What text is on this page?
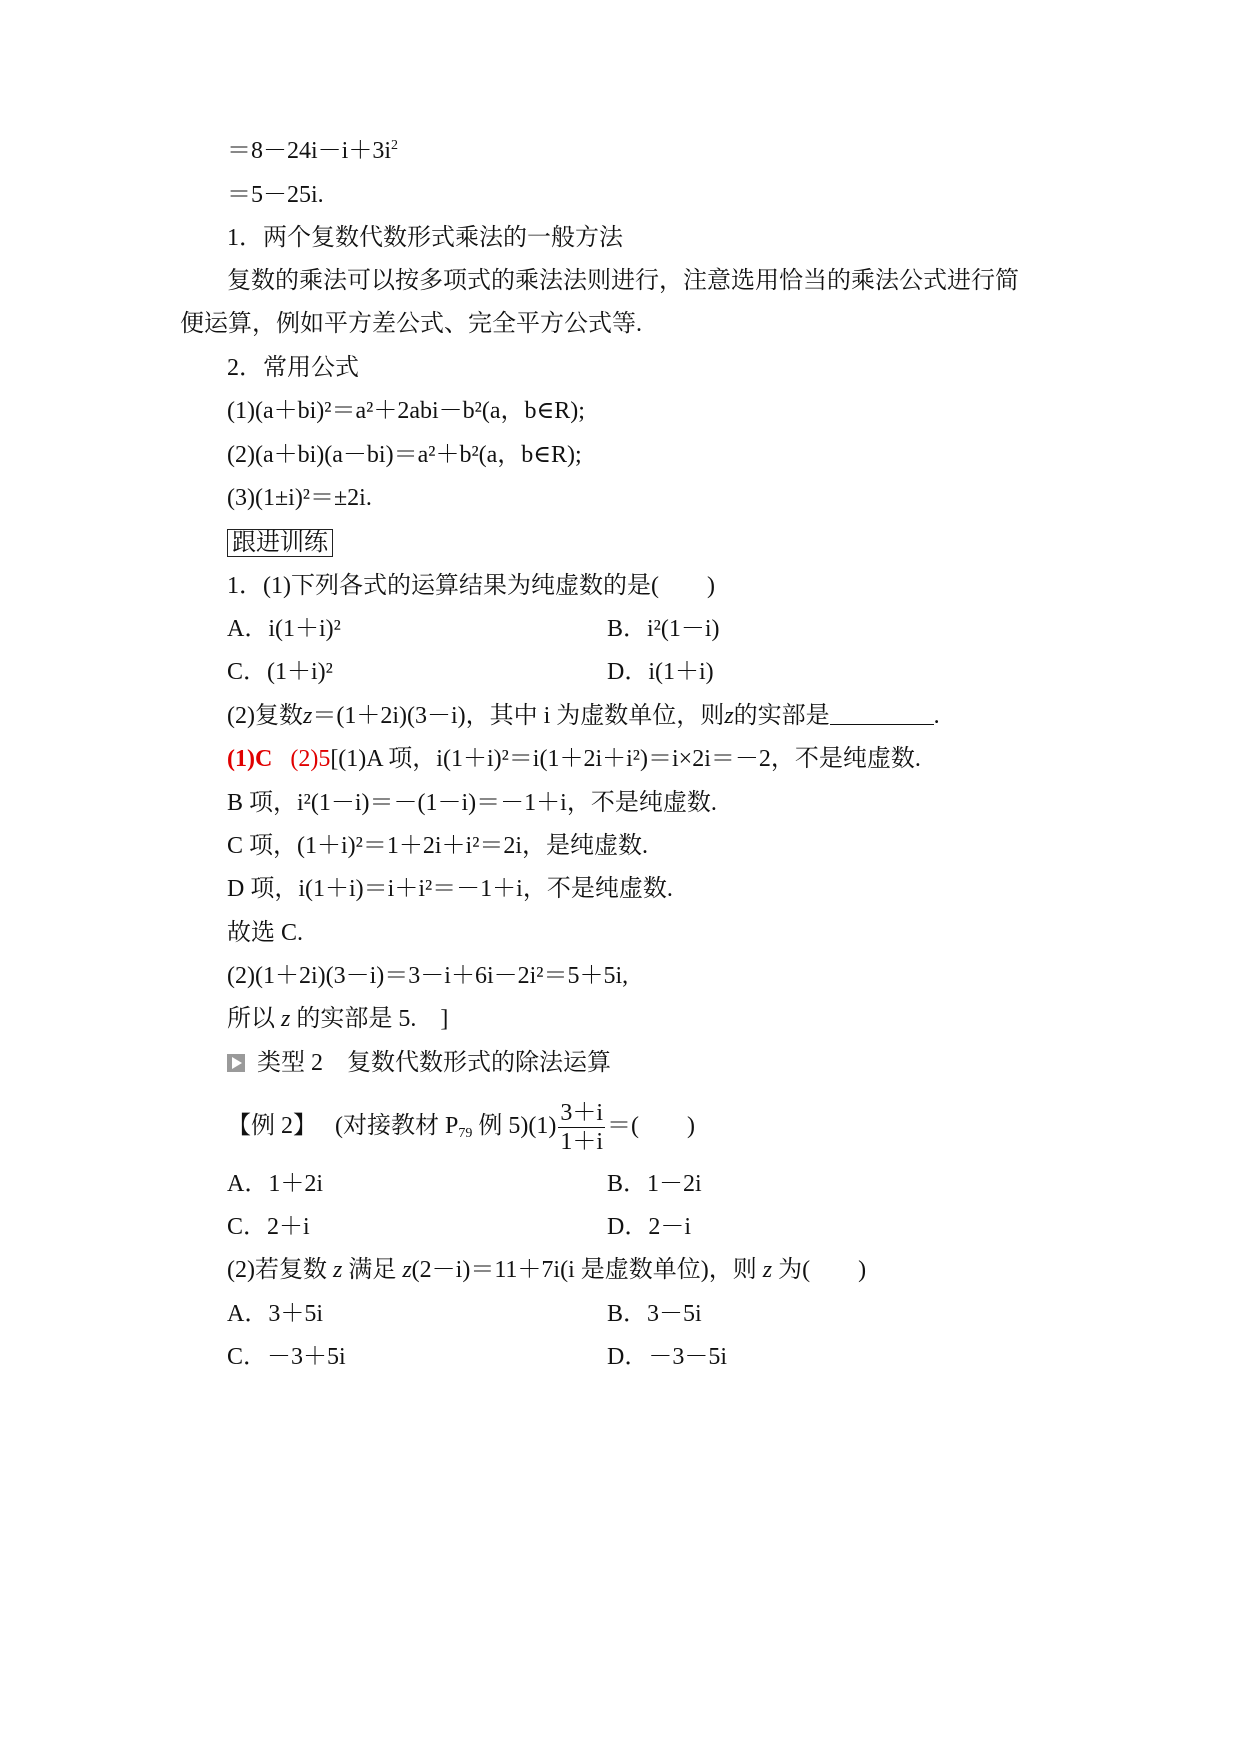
$=8-24i-i+3i^2$
＝5－25i.
1．两个复数代数形式乘法的一般方法
复数的乘法可以按多项式的乘法法则进行，注意选用恰当的乘法公式进行简
便运算，例如平方差公式、完全平方公式等.
2．常用公式
(1)(a＋bi)²＝a²＋2abi－b²(a，b∈R);
(2)(a＋bi)(a－bi)＝a²＋b²(a，b∈R);
(3)(1±i)²＝±2i.
跟进训练
1．(1)下列各式的运算结果为纯虚数的是(　　)
A．i(1＋i)²	B．i²(1－i)
C．(1＋i)²	D．i(1＋i)
(2)复数z＝(1＋2i)(3－i)，其中 i 为虚数单位，则z的实部是	.
(1)C (2)5[(1)A 项，i(1＋i)²＝i(1＋2i＋i²)＝i×2i＝－2，不是纯虚数.
B 项，i²(1－i)＝－(1－i)＝－1＋i，不是纯虚数.
C 项，(1＋i)²＝1＋2i＋i²＝2i，是纯虚数.
D 项，i(1＋i)＝i＋i²＝－1＋i，不是纯虚数.
故选 C.
(2)(1＋2i)(3－i)＝3－i＋6i－2i²＝5＋5i,
所以 z 的实部是 5.　]
类型 2　复数代数形式的除法运算
【例 2】 (对接教材 $P_{79}$ 例 $5)(1) \frac{3+i}{1+i}$ ＝(　　)
A．1＋2i	B．1－2i
C．2＋i	D．2－i
(2)若复数 z 满足 z(2－i)＝11＋7i(i 是虚数单位)，则 z 为(　　)
A．3＋5i	B．3－5i
C．－3＋5i	D．－3－5i
